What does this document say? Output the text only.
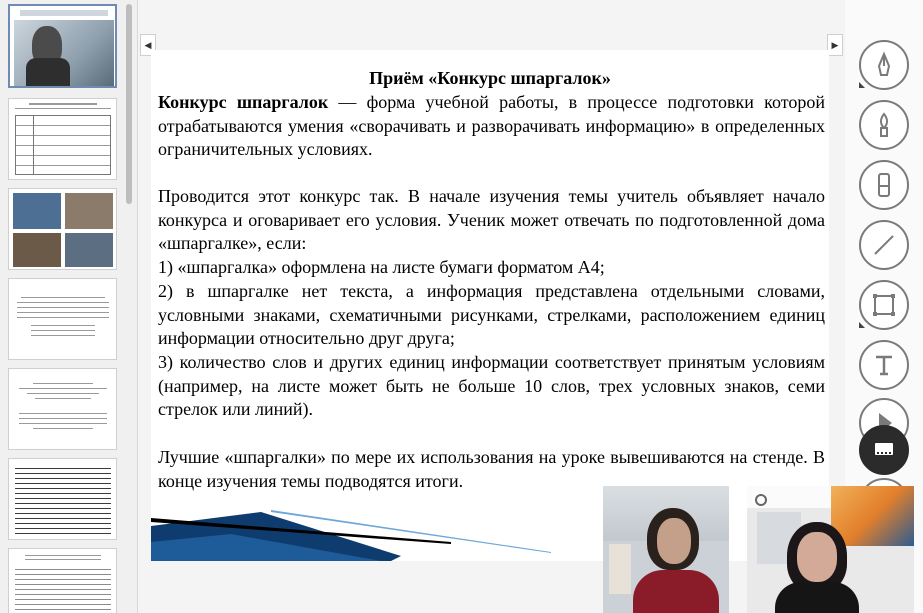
◀	▶
Приём «Конкурс шпаргалок»
Конкурс шпаргалок — форма учебной работы, в процессе подготовки которой отрабатываются умения «сворачивать и разворачивать информацию» в определенных ограничительных условиях.
Проводится этот конкурс так. В начале изучения темы учитель объявляет начало конкурса и оговаривает его условия. Ученик может отвечать по подготовленной дома «шпаргалке», если:
1) «шпаргалка» оформлена на листе бумаги форматом А4;
2) в шпаргалке нет текста, а информация представлена отдельными словами, условными знаками, схематичными рисунками, стрелками, расположением единиц информации относительно друг друга;
3) количество слов и других единиц информации соответствует принятым условиям (например, на листе может быть не больше 10 слов, трех условных знаков, семи стрелок или линий).
Лучшие «шпаргалки» по мере их использования на уроке вывешиваются на стенде. В конце изучения темы подводятся итоги.
